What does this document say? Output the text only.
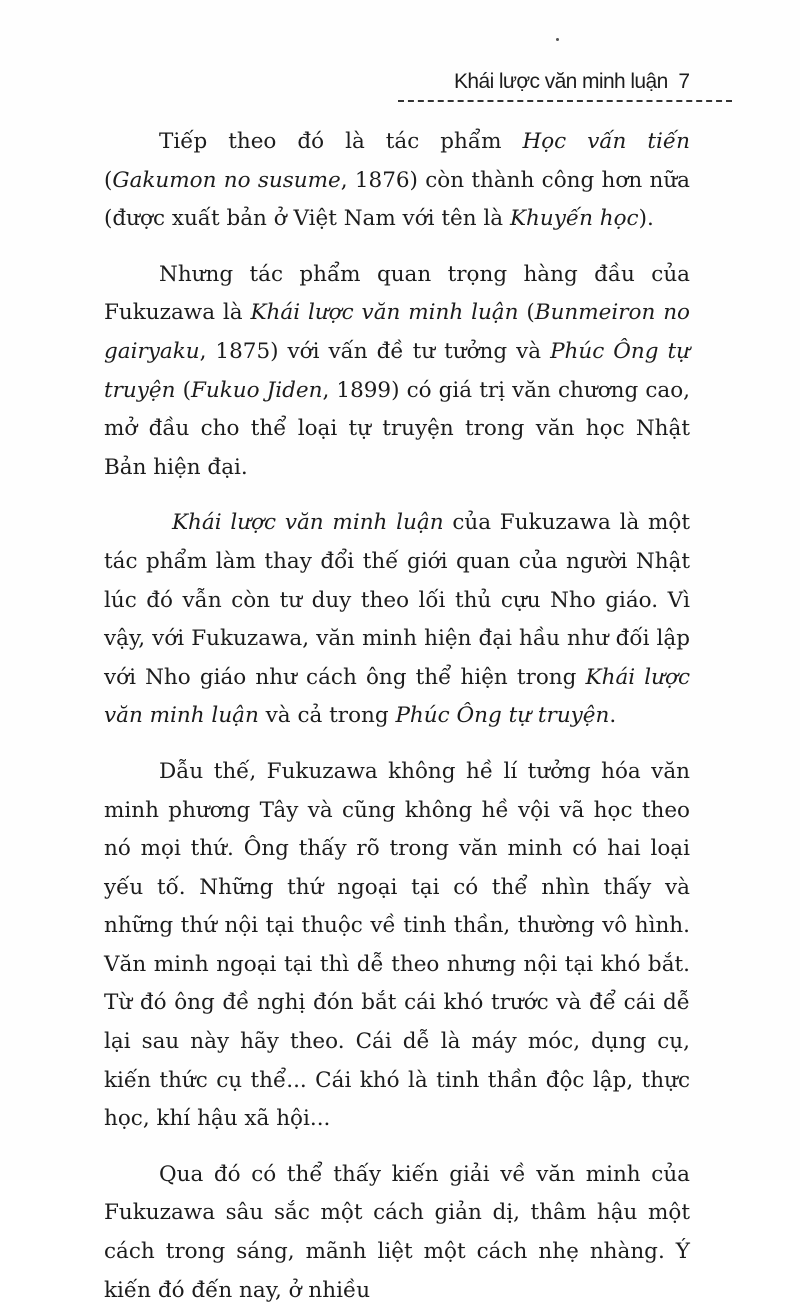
Khái lược văn minh luận 7

Tiếp theo đó là tác phẩm Học vấn tiến (Gakumon no susume, 1876) còn thành công hơn nữa (được xuất bản ở Việt Nam với tên là Khuyến học).

Nhưng tác phẩm quan trọng hàng đầu của Fukuzawa là Khái lược văn minh luận (Bunmeiron no gairyaku, 1875) với vấn đề tư tưởng và Phúc Ông tự truyện (Fukuo Jiden, 1899) có giá trị văn chương cao, mở đầu cho thể loại tự truyện trong văn học Nhật Bản hiện đại.

Khái lược văn minh luận của Fukuzawa là một tác phẩm làm thay đổi thế giới quan của người Nhật lúc đó vẫn còn tư duy theo lối thủ cựu Nho giáo. Vì vậy, với Fukuzawa, văn minh hiện đại hầu như đối lập với Nho giáo như cách ông thể hiện trong Khái lược văn minh luận và cả trong Phúc Ông tự truyện.

Dẫu thế, Fukuzawa không hề lí tưởng hóa văn minh phương Tây và cũng không hề vội vã học theo nó mọi thứ. Ông thấy rõ trong văn minh có hai loại yếu tố. Những thứ ngoại tại có thể nhìn thấy và những thứ nội tại thuộc về tinh thần, thường vô hình. Văn minh ngoại tại thì dễ theo nhưng nội tại khó bắt. Từ đó ông đề nghị đón bắt cái khó trước và để cái dễ lại sau này hãy theo. Cái dễ là máy móc, dụng cụ, kiến thức cụ thể... Cái khó là tinh thần độc lập, thực học, khí hậu xã hội...

Qua đó có thể thấy kiến giải về văn minh của Fukuzawa sâu sắc một cách giản dị, thâm hậu một cách trong sáng, mãnh liệt một cách nhẹ nhàng. Ý kiến đó đến nay, ở nhiều
